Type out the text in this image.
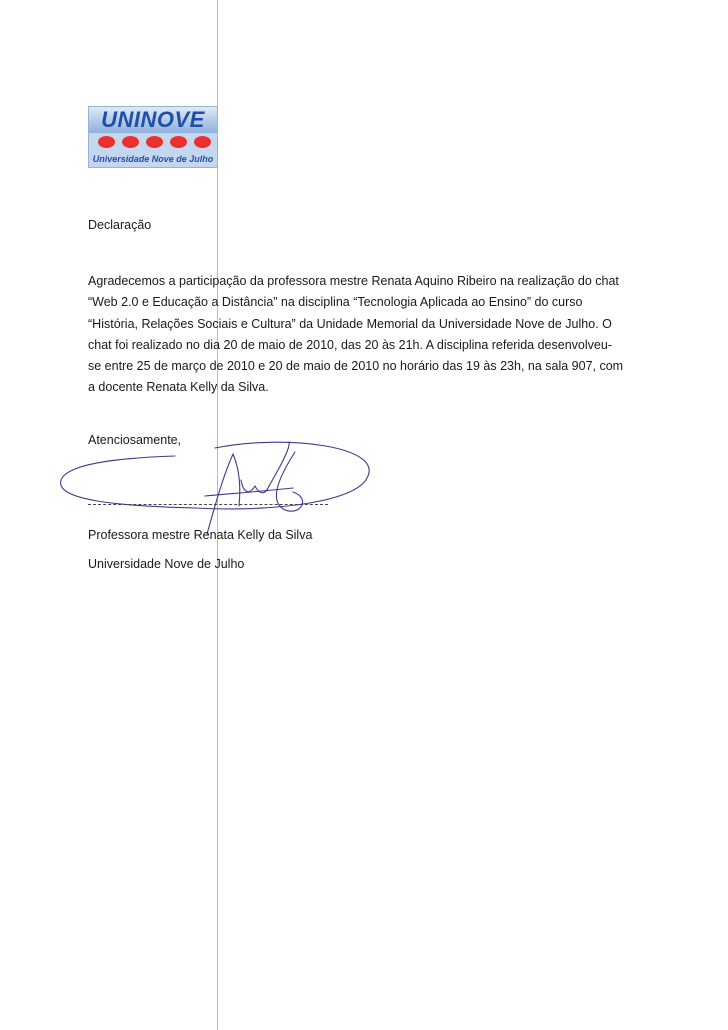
UNINOVE
Universidade Nove de Julho
Declaração
Agradecemos a participação da professora mestre Renata Aquino Ribeiro na realização do chat
“Web 2.0 e Educação a Distância” na disciplina “Tecnologia Aplicada ao Ensino” do curso
“História, Relações Sociais e Cultura” da Unidade Memorial da Universidade Nove de Julho. O
chat foi realizado no dia 20 de maio de 2010, das 20 às 21h. A disciplina referida desenvolveu-
se entre 25 de março de 2010 e 20 de maio de 2010 no horário das 19 às 23h, na sala 907, com
a docente Renata Kelly da Silva.
Atenciosamente,
Professora mestre Renata Kelly da Silva
Universidade Nove de Julho
